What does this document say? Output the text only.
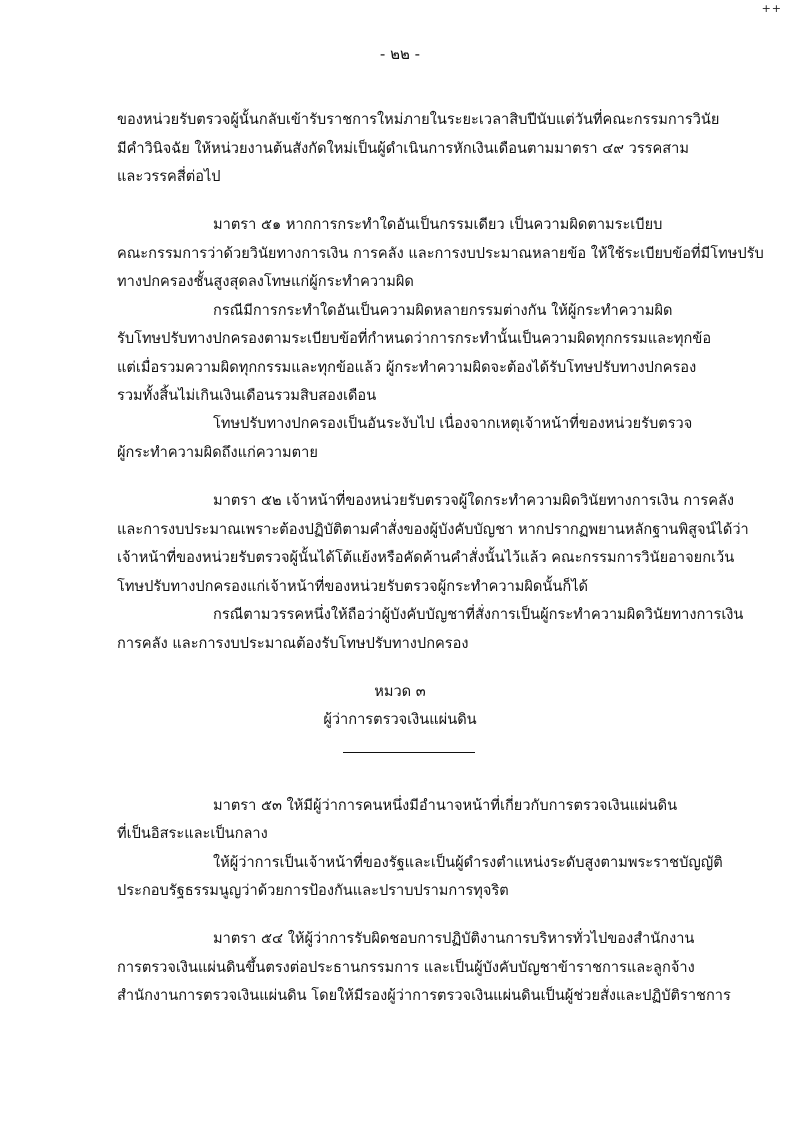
++
- ๒๒ -
ของหน่วยรับตรวจผู้นั้นกลับเข้ารับราชการใหม่ภายในระยะเวลาสิบปีนับแต่วันที่คณะกรรมการวินัย
มีคำวินิจฉัย ให้หน่วยงานต้นสังกัดใหม่เป็นผู้ดำเนินการหักเงินเดือนตามมาตรา ๔๙ วรรคสาม
และวรรคสี่ต่อไป
มาตรา ๕๑ หากการกระทำใดอันเป็นกรรมเดียว เป็นความผิดตามระเบียบ
คณะกรรมการว่าด้วยวินัยทางการเงิน การคลัง และการงบประมาณหลายข้อ ให้ใช้ระเบียบข้อที่มีโทษปรับ
ทางปกครองชั้นสูงสุดลงโทษแก่ผู้กระทำความผิด
กรณีมีการกระทำใดอันเป็นความผิดหลายกรรมต่างกัน ให้ผู้กระทำความผิด
รับโทษปรับทางปกครองตามระเบียบข้อที่กำหนดว่าการกระทำนั้นเป็นความผิดทุกกรรมและทุกข้อ
แต่เมื่อรวมความผิดทุกกรรมและทุกข้อแล้ว ผู้กระทำความผิดจะต้องได้รับโทษปรับทางปกครอง
รวมทั้งสิ้นไม่เกินเงินเดือนรวมสิบสองเดือน
โทษปรับทางปกครองเป็นอันระงับไป เนื่องจากเหตุเจ้าหน้าที่ของหน่วยรับตรวจ
ผู้กระทำความผิดถึงแก่ความตาย
มาตรา ๕๒ เจ้าหน้าที่ของหน่วยรับตรวจผู้ใดกระทำความผิดวินัยทางการเงิน การคลัง
และการงบประมาณเพราะต้องปฏิบัติตามคำสั่งของผู้บังคับบัญชา หากปรากฏพยานหลักฐานพิสูจน์ได้ว่า
เจ้าหน้าที่ของหน่วยรับตรวจผู้นั้นได้โต้แย้งหรือคัดค้านคำสั่งนั้นไว้แล้ว คณะกรรมการวินัยอาจยกเว้น
โทษปรับทางปกครองแก่เจ้าหน้าที่ของหน่วยรับตรวจผู้กระทำความผิดนั้นก็ได้
กรณีตามวรรคหนึ่งให้ถือว่าผู้บังคับบัญชาที่สั่งการเป็นผู้กระทำความผิดวินัยทางการเงิน
การคลัง และการงบประมาณต้องรับโทษปรับทางปกครอง
หมวด ๓
ผู้ว่าการตรวจเงินแผ่นดิน
มาตรา ๕๓ ให้มีผู้ว่าการคนหนึ่งมีอำนาจหน้าที่เกี่ยวกับการตรวจเงินแผ่นดิน
ที่เป็นอิสระและเป็นกลาง
ให้ผู้ว่าการเป็นเจ้าหน้าที่ของรัฐและเป็นผู้ดำรงตำแหน่งระดับสูงตามพระราชบัญญัติ
ประกอบรัฐธรรมนูญว่าด้วยการป้องกันและปราบปรามการทุจริต
มาตรา ๕๔ ให้ผู้ว่าการรับผิดชอบการปฏิบัติงานการบริหารทั่วไปของสำนักงาน
การตรวจเงินแผ่นดินขึ้นตรงต่อประธานกรรมการ และเป็นผู้บังคับบัญชาข้าราชการและลูกจ้าง
สำนักงานการตรวจเงินแผ่นดิน โดยให้มีรองผู้ว่าการตรวจเงินแผ่นดินเป็นผู้ช่วยสั่งและปฏิบัติราชการ
